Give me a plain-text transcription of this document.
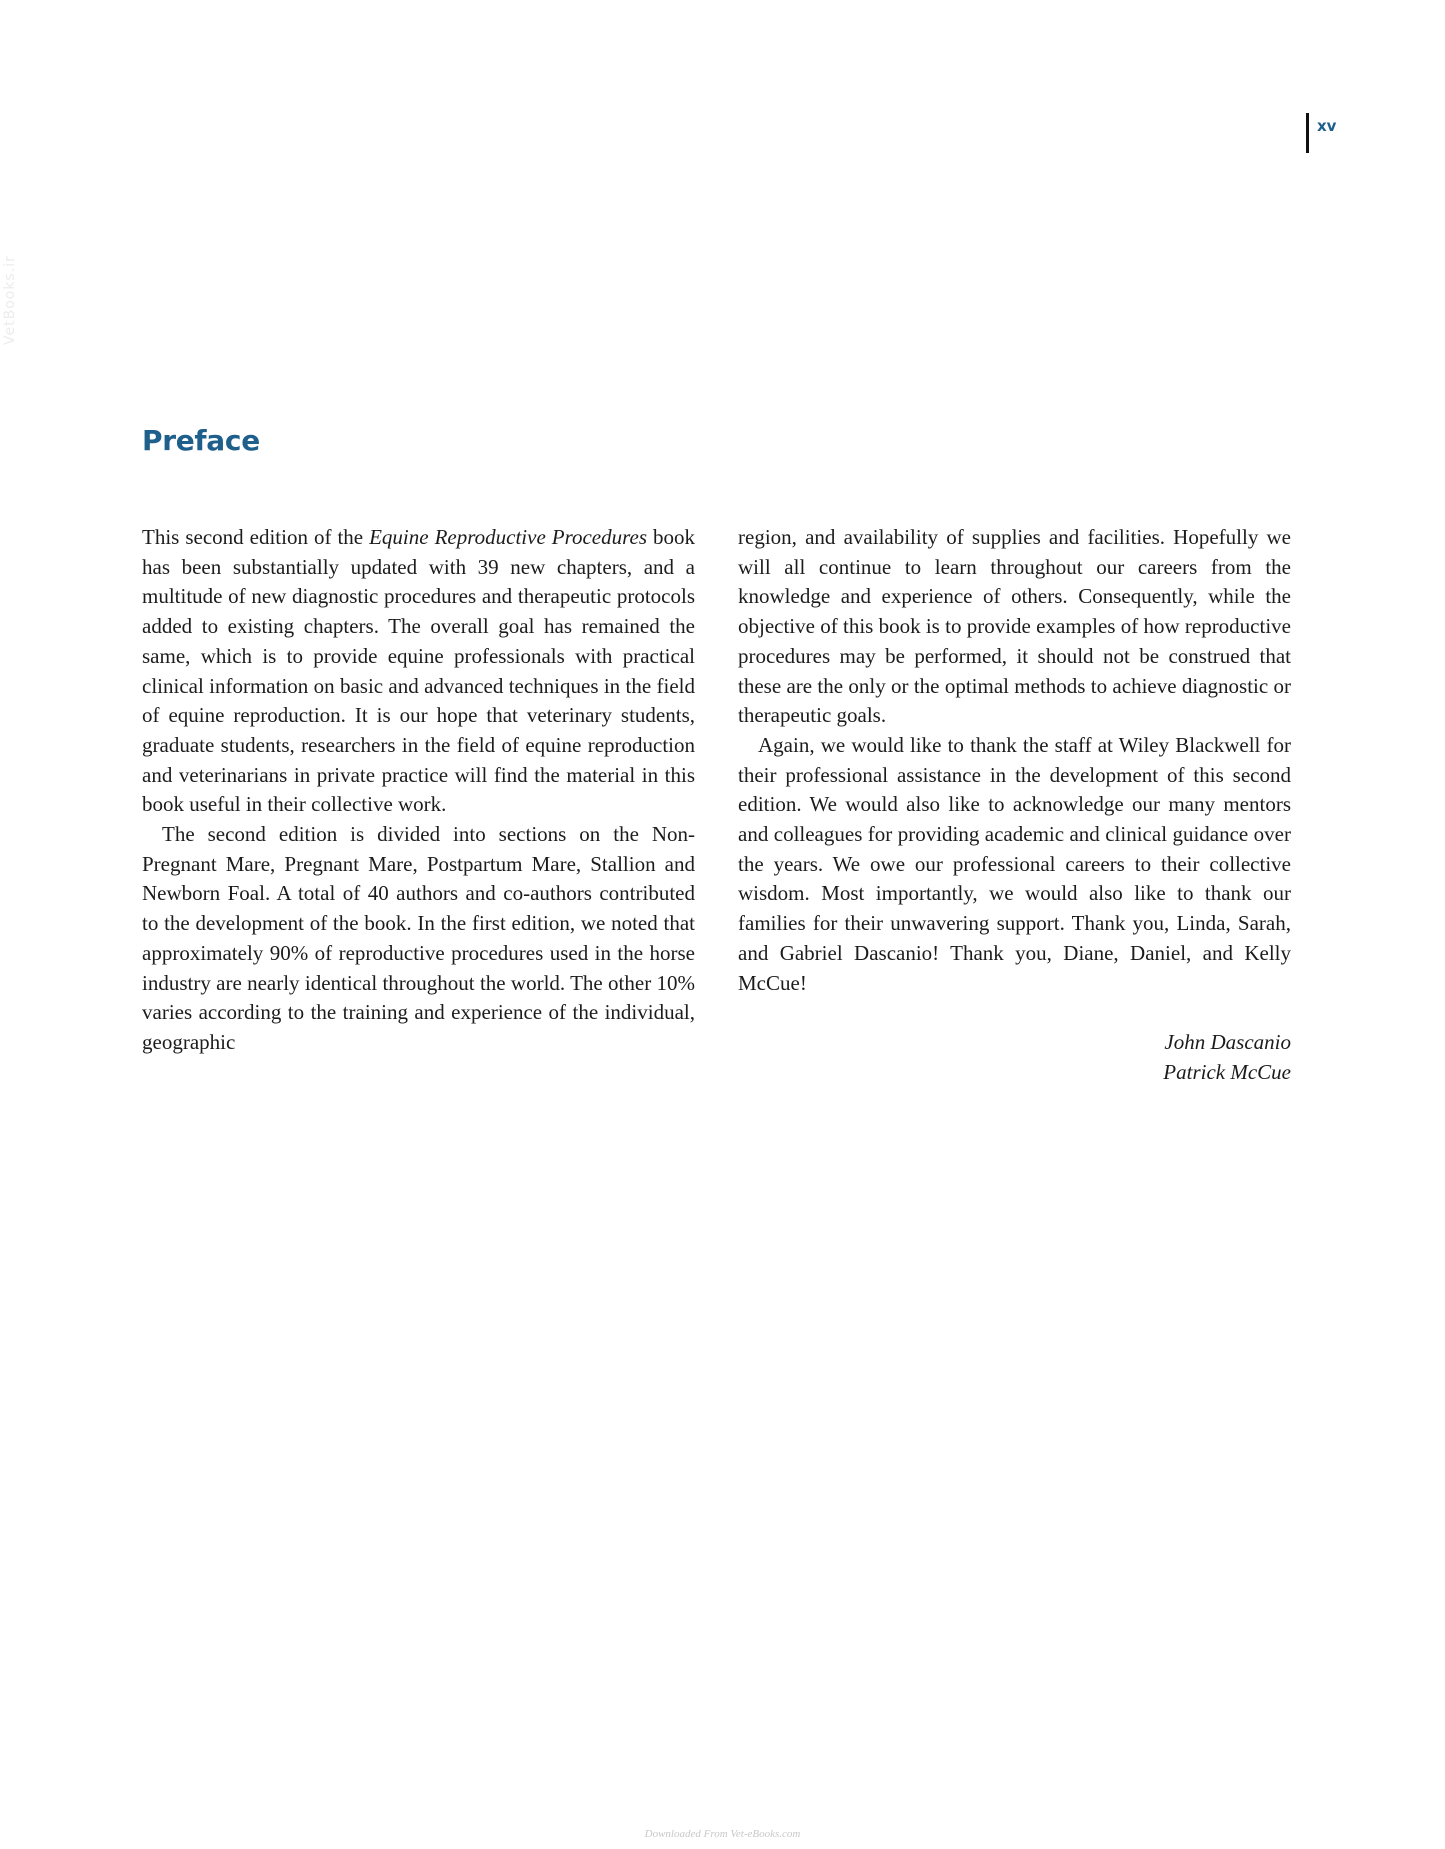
VetBooks.ir
xv
Preface

This second edition of the Equine Reproductive Procedures book has been substantially updated with 39 new chapters, and a multitude of new diagnostic procedures and therapeutic protocols added to existing chapters. The overall goal has remained the same, which is to provide equine professionals with practical clinical information on basic and advanced techniques in the field of equine reproduction. It is our hope that veterinary students, graduate students, researchers in the field of equine reproduction and veterinarians in private practice will find the material in this book useful in their collective work.

The second edition is divided into sections on the Non-Pregnant Mare, Pregnant Mare, Postpartum Mare, Stallion and Newborn Foal. A total of 40 authors and co-authors contributed to the development of the book. In the first edition, we noted that approximately 90% of reproductive procedures used in the horse industry are nearly identical throughout the world. The other 10% varies according to the training and experience of the individual, geographic

region, and availability of supplies and facilities. Hopefully we will all continue to learn throughout our careers from the knowledge and experience of others. Consequently, while the objective of this book is to provide examples of how reproductive procedures may be performed, it should not be construed that these are the only or the optimal methods to achieve diagnostic or therapeutic goals.

Again, we would like to thank the staff at Wiley Blackwell for their professional assistance in the development of this second edition. We would also like to acknowledge our many mentors and colleagues for providing academic and clinical guidance over the years. We owe our professional careers to their collective wisdom. Most importantly, we would also like to thank our families for their unwavering support. Thank you, Linda, Sarah, and Gabriel Dascanio! Thank you, Diane, Daniel, and Kelly McCue!

John Dascanio
Patrick McCue
Downloaded From Vet-eBooks.com
